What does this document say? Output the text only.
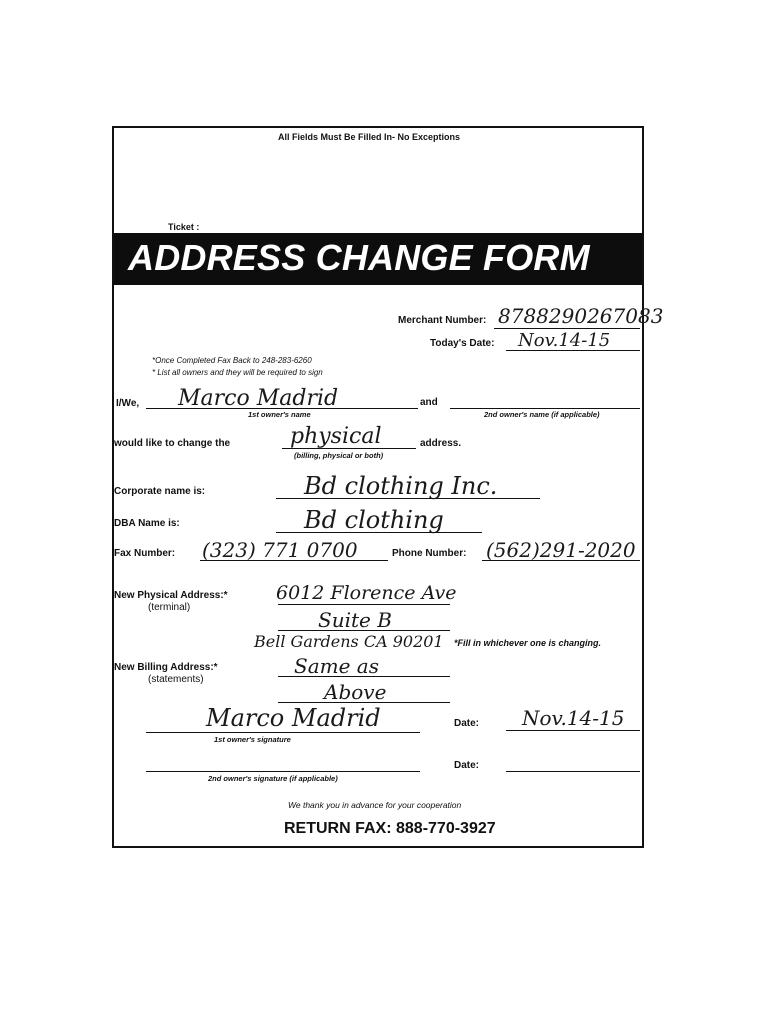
All Fields Must Be Filled In- No Exceptions
Ticket :
ADDRESS CHANGE FORM
Merchant Number: 8788290267083
Today's Date: Nov.14-15
*Once Completed Fax Back to 248-283-6260
* List all owners and they will be required to sign
I/We, Marco Madrid
1st owner's name
and
2nd owner's name (if applicable)
would like to change the	physical
(billing, physical or both)
address.
Corporate name is:	Bd clothing Inc.
DBA Name is:	Bd clothing
Fax Number: (323) 771 0700	Phone Number: (562)291-2020
New Physical Address:*
(terminal)
6012 Florence Ave
Suite B
Bell Gardens CA 90201 *Fill in whichever one is changing.
New Billing Address:*
(statements)
Same as
Above
Marco Madrid
1st owner's signature
Date: Nov.14-15
2nd owner's signature (if applicable)
Date:
We thank you in advance for your cooperation
RETURN FAX: 888-770-3927
